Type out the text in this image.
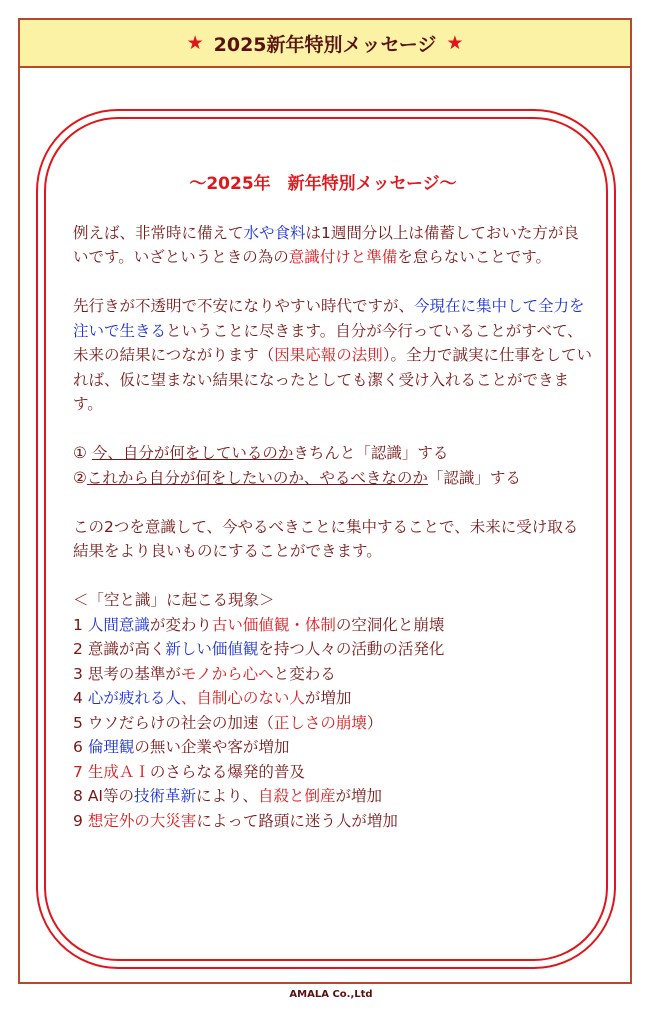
★ 2025新年特別メッセージ ★
～2025年　新年特別メッセージ～

例えば、非常時に備えて水や食料は1週間分以上は備蓄しておいた方が良いです。いざというときの為の意識付けと準備を怠らないことです。

先行きが不透明で不安になりやすい時代ですが、今現在に集中して全力を注いで生きるということに尽きます。自分が今行っていることがすべて、未来の結果につながります（因果応報の法則）。全力で誠実に仕事をしていれば、仮に望まない結果になったとしても潔く受け入れることができます。

① 今、自分が何をしているのかきちんと「認識」する

②これから自分が何をしたいのか、やるべきなのか「認識」する

この2つを意識して、今やるべきことに集中することで、未来に受け取る結果をより良いものにすることができます。

＜「空と識」に起こる現象＞

1 人間意識が変わり古い価値観・体制の空洞化と崩壊

2 意識が高く新しい価値観を持つ人々の活動の活発化

3 思考の基準がモノから心へと変わる

4 心が疲れる人、自制心のない人が増加

5 ウソだらけの社会の加速（正しさの崩壊）

6 倫理観の無い企業や客が増加

7 生成ＡＩのさらなる爆発的普及

8 AI等の技術革新により、自殺と倒産が増加

9 想定外の大災害によって路頭に迷う人が増加

AMALA Co.,Ltd
